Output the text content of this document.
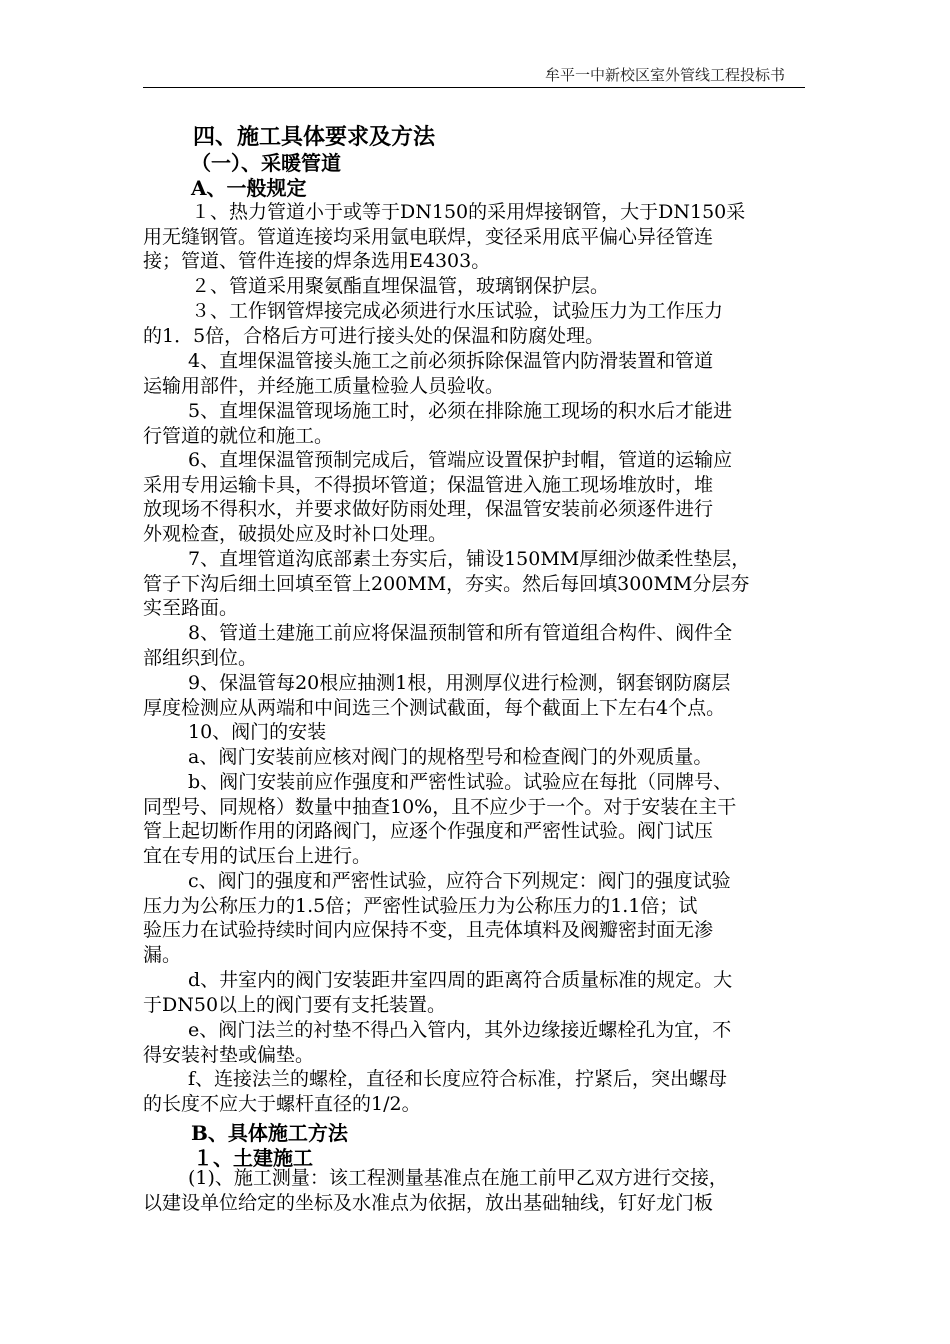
牟平一中新校区室外管线工程投标书
四、施工具体要求及方法
（一）、采暖管道
A、一般规定
１、热力管道小于或等于DN150的采用焊接钢管，大于DN150采
用无缝钢管。管道连接均采用氩电联焊，变径采用底平偏心异径管连
接；管道、管件连接的焊条选用E4303。
２、管道采用聚氨酯直埋保温管，玻璃钢保护层。
３、工作钢管焊接完成必须进行水压试验，试验压力为工作压力
的1．5倍，合格后方可进行接头处的保温和防腐处理。
4、直埋保温管接头施工之前必须拆除保温管内防滑装置和管道
运输用部件，并经施工质量检验人员验收。
5、直埋保温管现场施工时，必须在排除施工现场的积水后才能进
行管道的就位和施工。
6、直埋保温管预制完成后，管端应设置保护封帽，管道的运输应
采用专用运输卡具，不得损坏管道；保温管进入施工现场堆放时，堆
放现场不得积水，并要求做好防雨处理，保温管安装前必须逐件进行
外观检查，破损处应及时补口处理。
7、直埋管道沟底部素土夯实后，铺设150MM厚细沙做柔性垫层，
管子下沟后细土回填至管上200MM，夯实。然后每回填300MM分层夯
实至路面。
8、管道土建施工前应将保温预制管和所有管道组合构件、阀件全
部组织到位。
9、保温管每20根应抽测1根，用测厚仪进行检测，钢套钢防腐层
厚度检测应从两端和中间选三个测试截面，每个截面上下左右4个点。
10、阀门的安装
a、阀门安装前应核对阀门的规格型号和检查阀门的外观质量。
b、阀门安装前应作强度和严密性试验。试验应在每批（同牌号、
同型号、同规格）数量中抽查10%，且不应少于一个。对于安装在主干
管上起切断作用的闭路阀门，应逐个作强度和严密性试验。阀门试压
宜在专用的试压台上进行。
c、阀门的强度和严密性试验，应符合下列规定：阀门的强度试验
压力为公称压力的1.5倍；严密性试验压力为公称压力的1.1倍；试
验压力在试验持续时间内应保持不变，且壳体填料及阀瓣密封面无渗
漏。
d、井室内的阀门安装距井室四周的距离符合质量标准的规定。大
于DN50以上的阀门要有支托装置。
e、阀门法兰的衬垫不得凸入管内，其外边缘接近螺栓孔为宜，不
得安装衬垫或偏垫。
f、连接法兰的螺栓，直径和长度应符合标准，拧紧后，突出螺母
的长度不应大于螺杆直径的1/2。
B、具体施工方法
１、土建施工
(1)、施工测量：该工程测量基准点在施工前甲乙双方进行交接，
以建设单位给定的坐标及水准点为依据，放出基础轴线，钉好龙门板
